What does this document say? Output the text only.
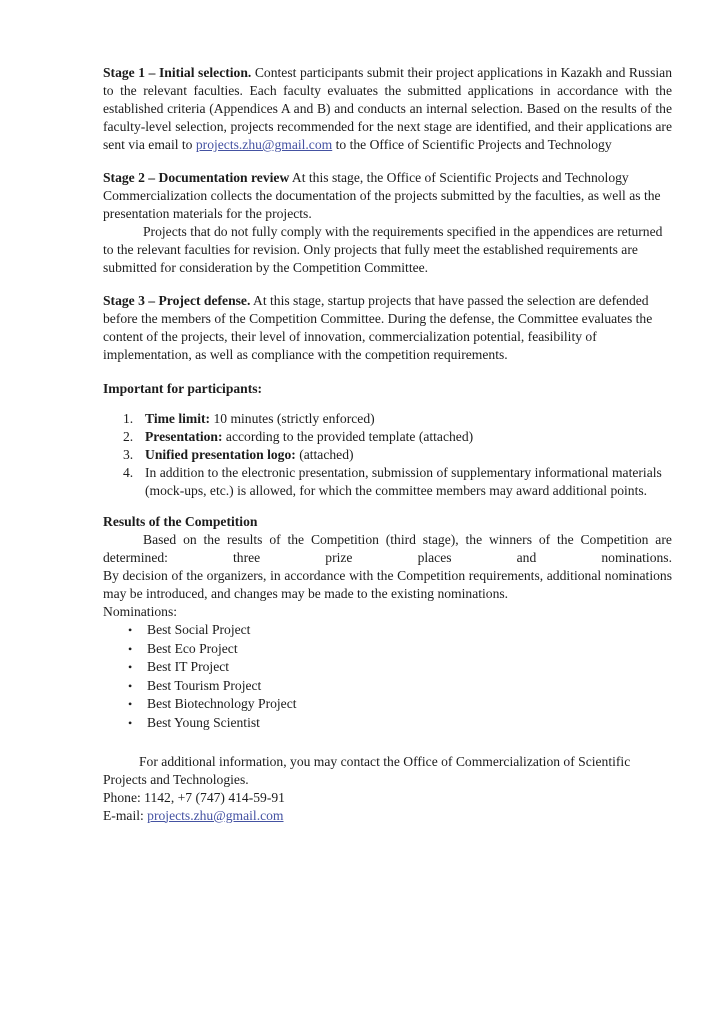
Stage 1 – Initial selection. Contest participants submit their project applications in Kazakh and Russian to the relevant faculties. Each faculty evaluates the submitted applications in accordance with the established criteria (Appendices A and B) and conducts an internal selection. Based on the results of the faculty-level selection, projects recommended for the next stage are identified, and their applications are sent via email to projects.zhu@gmail.com to the Office of Scientific Projects and Technology

Stage 2 – Documentation review At this stage, the Office of Scientific Projects and Technology Commercialization collects the documentation of the projects submitted by the faculties, as well as the presentation materials for the projects.
Projects that do not fully comply with the requirements specified in the appendices are returned to the relevant faculties for revision. Only projects that fully meet the established requirements are submitted for consideration by the Competition Committee.

Stage 3 – Project defense. At this stage, startup projects that have passed the selection are defended before the members of the Competition Committee. During the defense, the Committee evaluates the content of the projects, their level of innovation, commercialization potential, feasibility of implementation, as well as compliance with the competition requirements.

Important for participants:
1. Time limit: 10 minutes (strictly enforced)
2. Presentation: according to the provided template (attached)
3. Unified presentation logo: (attached)
4. In addition to the electronic presentation, submission of supplementary informational materials (mock-ups, etc.) is allowed, for which the committee members may award additional points.
Results of the Competition
Based on the results of the Competition (third stage), the winners of the Competition are
determined:	three	prize	places	and	nominations.
By decision of the organizers, in accordance with the Competition requirements, additional nominations may be introduced, and changes may be made to the existing nominations.
Nominations:
•	Best Social Project
•	Best Eco Project
•	Best IT Project
•	Best Tourism Project
•	Best Biotechnology Project
•	Best Young Scientist
For additional information, you may contact the Office of Commercialization of Scientific Projects and Technologies.
Phone: 1142, +7 (747) 414-59-91
E-mail: projects.zhu@gmail.com
